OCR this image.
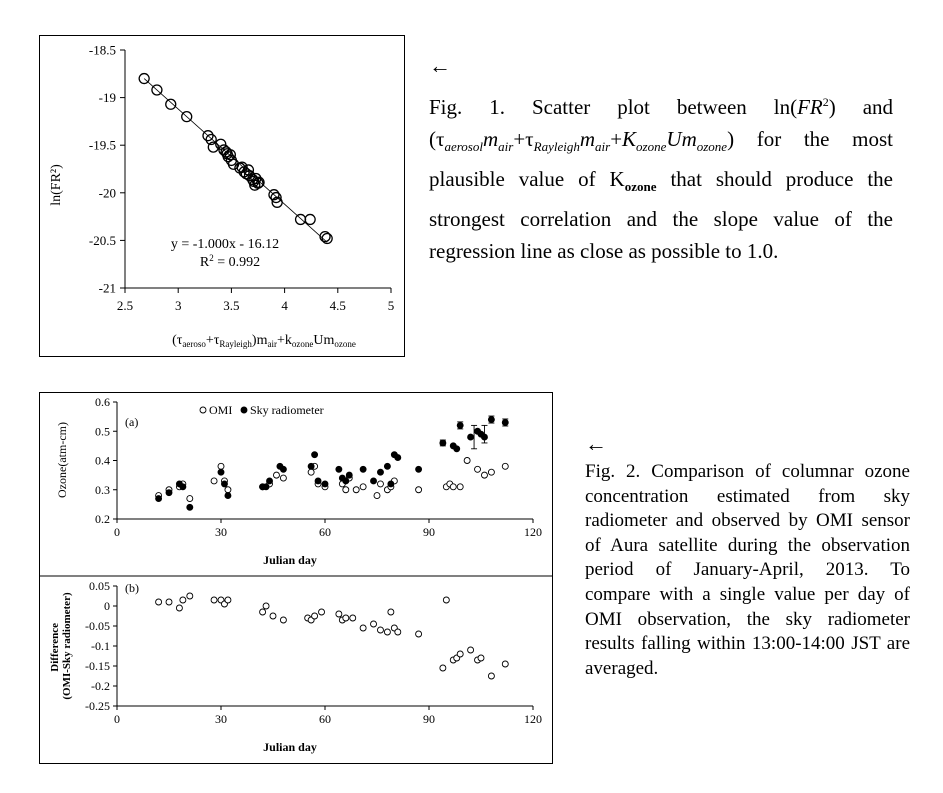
-18.5
-19
-19.5
-20
-20.5
-21
2.5	3	3.5	4	4.5	5
ln(FR²)
$(\tau_{aeroso}+\tau_{Rayleigh})m_{air}+k_{ozone}Um_{ozone}$
y = -1.000x - 16.12
$R^2 = 0.992$
0.2
0.3
0.4
0.5
0.6
0	30	60	90	120
0.05
0
-0.05
-0.1
-0.15
-0.2
-0.25
0	30	60	90	120
(a)
Ozone(atm-cm)
Julian day
OMI Sky radiometer
(b)
Difference (OMI-Sky radiometer)
Julian day
←
←
Fig. 1. Scatter plot between $\ln(FR^2)$ and $(\tau_{aerosol}m_{air}+\tau_{Rayleigh}m_{air}+K_{ozone}Um_{ozone})$ for the most plausible value of $K_{ozone}$ that should produce the strongest correlation and the slope value of the regression line as close as possible to 1.0.
Fig. 2. Comparison of columnar ozone concentration estimated from sky radiometer and observed by OMI sensor of Aura satellite during the observation period of January-April, 2013. To compare with a single value per day of OMI observation, the sky radiometer results falling within 13:00-14:00 JST are averaged.
